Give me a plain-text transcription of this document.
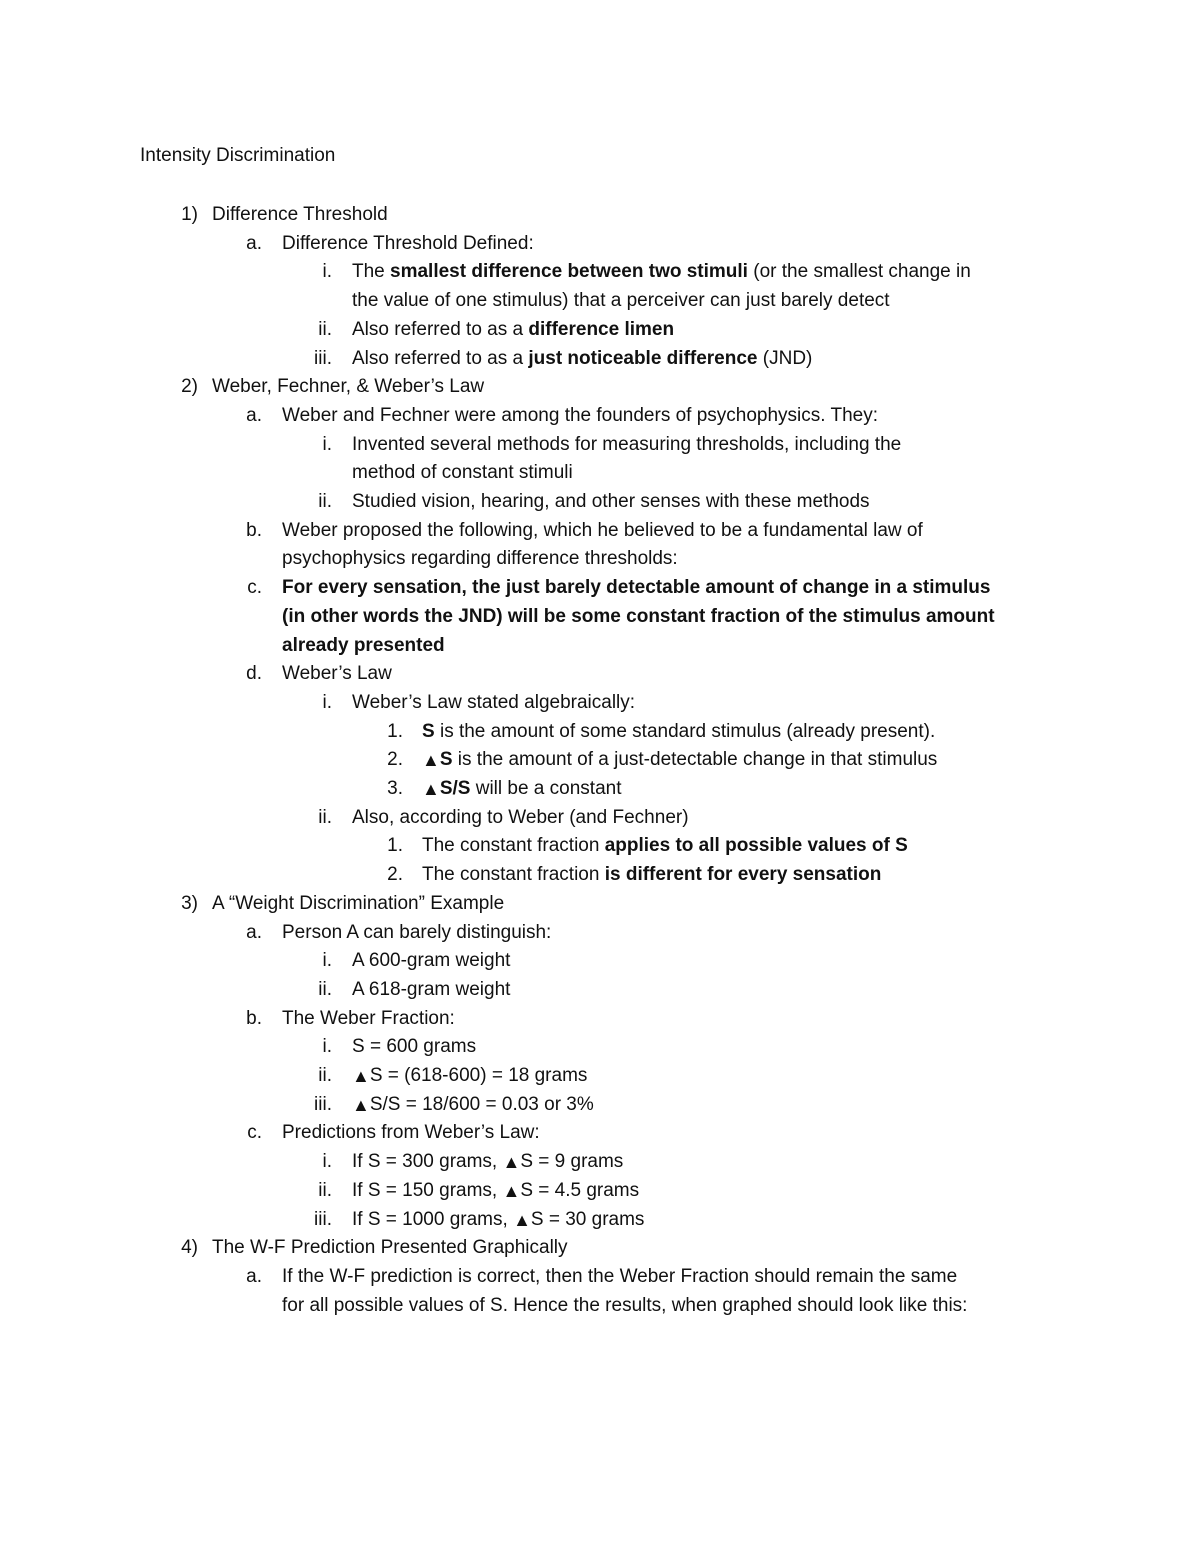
Intensity Discrimination
1) Difference Threshold
a. Difference Threshold Defined:
i. The smallest difference between two stimuli (or the smallest change in
the value of one stimulus) that a perceiver can just barely detect
ii. Also referred to as a difference limen
iii. Also referred to as a just noticeable difference (JND)
2) Weber, Fechner, & Weber’s Law
a. Weber and Fechner were among the founders of psychophysics. They:
i. Invented several methods for measuring thresholds, including the
method of constant stimuli
ii. Studied vision, hearing, and other senses with these methods
b. Weber proposed the following, which he believed to be a fundamental law of
psychophysics regarding difference thresholds:
c. For every sensation, the just barely detectable amount of change in a stimulus
(in other words the JND) will be some constant fraction of the stimulus amount
already presented
d. Weber’s Law
i. Weber’s Law stated algebraically:
1. S is the amount of some standard stimulus (already present).
2. ▲S is the amount of a just-detectable change in that stimulus
3. ▲S/S will be a constant
ii. Also, according to Weber (and Fechner)
1. The constant fraction applies to all possible values of S
2. The constant fraction is different for every sensation
3) A “Weight Discrimination” Example
a. Person A can barely distinguish:
i. A 600-gram weight
ii. A 618-gram weight
b. The Weber Fraction:
i. S = 600 grams
ii. ▲S = (618-600) = 18 grams
iii. ▲S/S = 18/600 = 0.03 or 3%
c. Predictions from Weber’s Law:
i. If S = 300 grams, ▲S = 9 grams
ii. If S = 150 grams, ▲S = 4.5 grams
iii. If S = 1000 grams, ▲S = 30 grams
4) The W-F Prediction Presented Graphically
a. If the W-F prediction is correct, then the Weber Fraction should remain the same
for all possible values of S. Hence the results, when graphed should look like this:
